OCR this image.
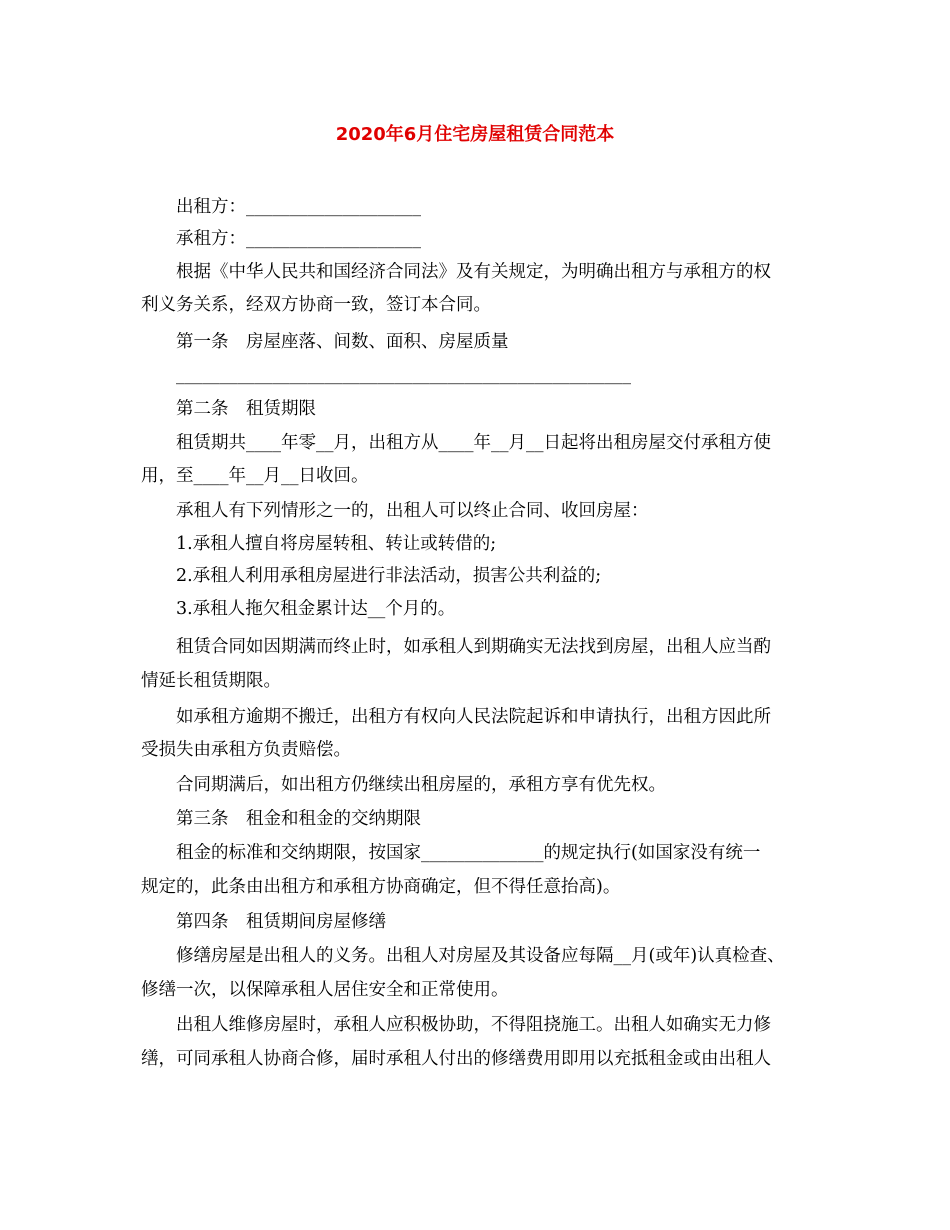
2020年6月住宅房屋租赁合同范本
出租方：____________________
承租方：____________________
根据《中华人民共和国经济合同法》及有关规定，为明确出租方与承租方的权
利义务关系，经双方协商一致，签订本合同。
第一条　房屋座落、间数、面积、房屋质量
____________________________________________________
第二条　租赁期限
租赁期共____年零__月，出租方从____年__月__日起将出租房屋交付承租方使
用，至____年__月__日收回。
承租人有下列情形之一的，出租人可以终止合同、收回房屋：
1.承租人擅自将房屋转租、转让或转借的;
2.承租人利用承租房屋进行非法活动，损害公共利益的;
3.承租人拖欠租金累计达__个月的。
租赁合同如因期满而终止时，如承租人到期确实无法找到房屋，出租人应当酌
情延长租赁期限。
如承租方逾期不搬迁，出租方有权向人民法院起诉和申请执行，出租方因此所
受损失由承租方负责赔偿。
合同期满后，如出租方仍继续出租房屋的，承租方享有优先权。
第三条　租金和租金的交纳期限
租金的标准和交纳期限，按国家______________的规定执行(如国家没有统一
规定的，此条由出租方和承租方协商确定，但不得任意抬高)。
第四条　租赁期间房屋修缮
修缮房屋是出租人的义务。出租人对房屋及其设备应每隔__月(或年)认真检查、
修缮一次，以保障承租人居住安全和正常使用。
出租人维修房屋时，承租人应积极协助，不得阻挠施工。出租人如确实无力修
缮，可同承租人协商合修，届时承租人付出的修缮费用即用以充抵租金或由出租人
